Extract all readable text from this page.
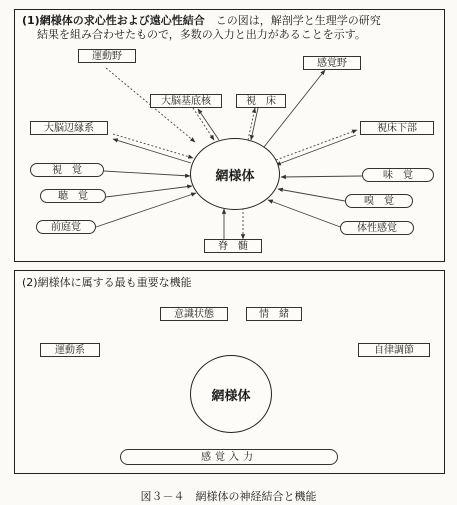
(1)網様体の求心性および遠心性結合　 この図は，解剖学と生理学の研究
結果を組み合わせたもので，多数の入力と出力があることを示す。
運動野
大脳基底核	視　床
感覚野
大脳辺縁系	視床下部
視　覚
聴　覚
前庭覚
脊　髄
体性感覚
味　覚
嗅　覚
網様体
(2)網様体に属する最も重要な機能
意識状態	情　緒
運動系	自律調節
網様体
感覚入力
図３－４　網様体の神経結合と機能
